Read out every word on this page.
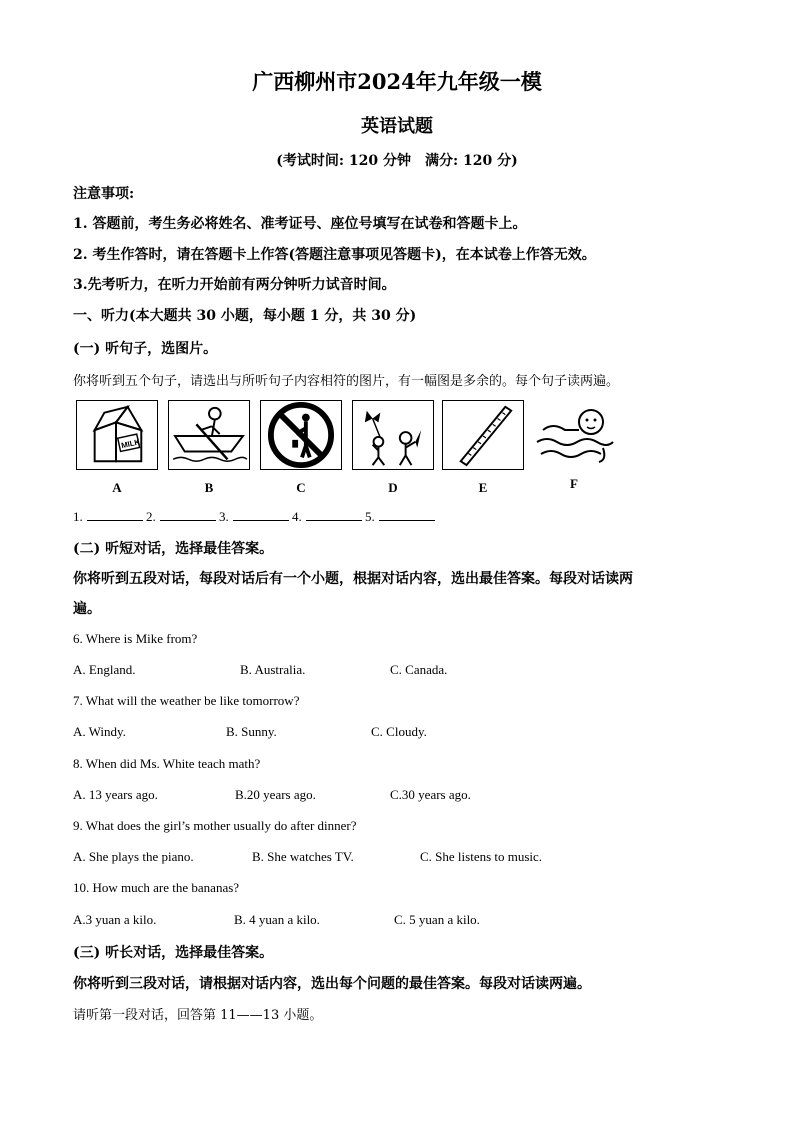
广西柳州市2024年九年级一模
英语试题
(考试时间: 120 分钟　满分: 120 分)
注意事项:
1. 答题前，考生务必将姓名、准考证号、座位号填写在试卷和答题卡上。
2. 考生作答时，请在答题卡上作答(答题注意事项见答题卡)，在本试卷上作答无效。
3.先考听力，在听力开始前有两分钟听力试音时间。
一、听力(本大题共 30 小题，每小题 1 分，共 30 分)
(一) 听句子，选图片。
你将听到五个句子，请选出与所听句子内容相符的图片，有一幅图是多余的。每个句子读两遍。
MILK
A	B	C	D	E	F
1.	2.	3.	4.	5.
(二) 听短对话，选择最佳答案。
你将听到五段对话，每段对话后有一个小题，根据对话内容，选出最佳答案。每段对话读两
遍。
6. Where is Mike from?
A. England.	B. Australia.	C. Canada.
7. What will the weather be like tomorrow?
A. Windy.	B. Sunny.	C. Cloudy.
8. When did Ms. White teach math?
A. 13 years ago.	B.20 years ago.	C.30 years ago.
9. What does the girl’s mother usually do after dinner?
A. She plays the piano.	B. She watches TV.	C. She listens to music.
10. How much are the bananas?
A.3 yuan a kilo.	B. 4 yuan a kilo.	C. 5 yuan a kilo.
(三) 听长对话，选择最佳答案。
你将听到三段对话，请根据对话内容，选出每个问题的最佳答案。每段对话读两遍。
请听第一段对话，回答第 11——13 小题。
